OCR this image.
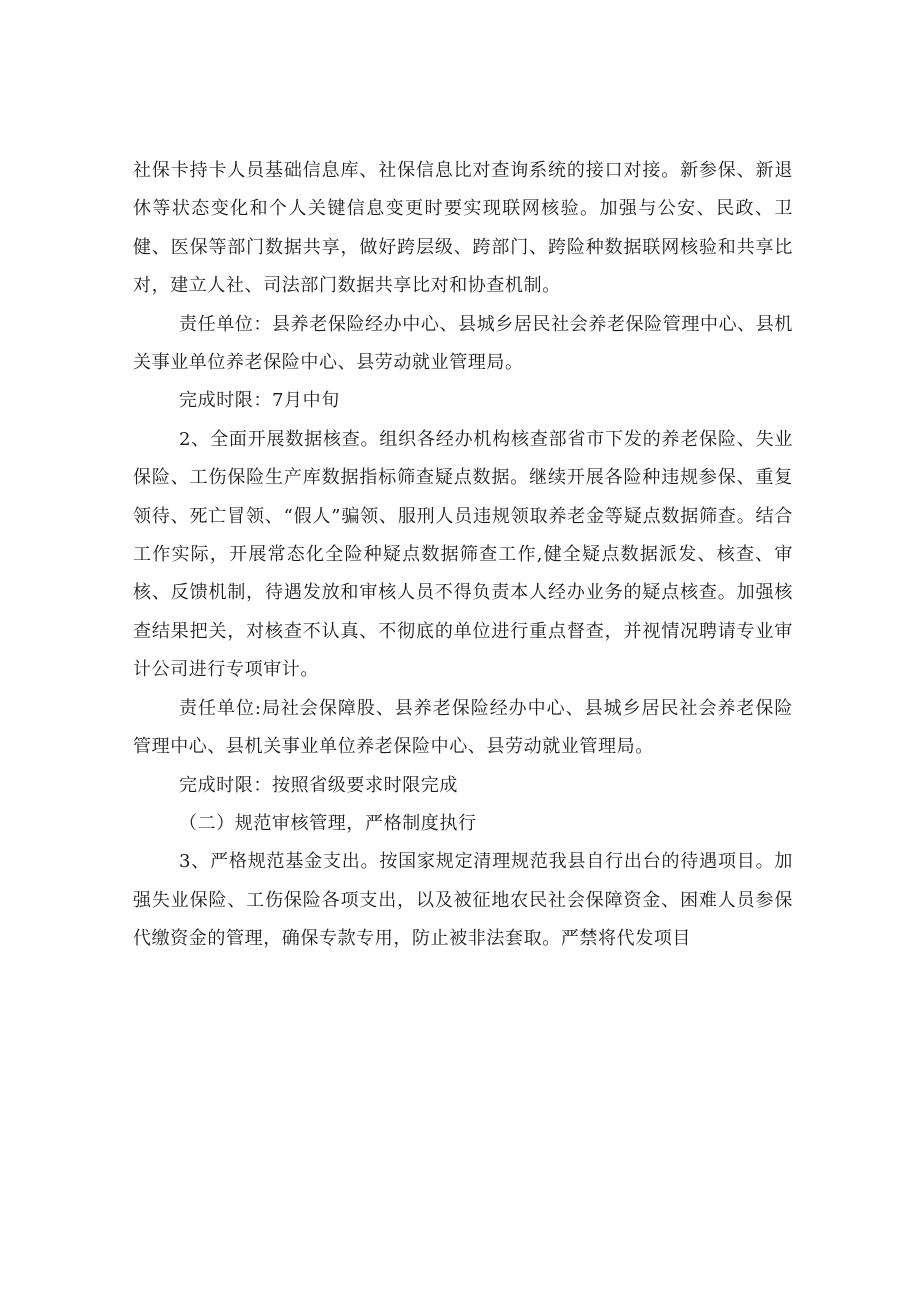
社保卡持卡人员基础信息库、社保信息比对查询系统的接口对接。新参保、新退休等状态变化和个人关键信息变更时要实现联网核验。加强与公安、民政、卫健、医保等部门数据共享，做好跨层级、跨部门、跨险种数据联网核验和共享比对，建立人社、司法部门数据共享比对和协查机制。

责任单位：县养老保险经办中心、县城乡居民社会养老保险管理中心、县机关事业单位养老保险中心、县劳动就业管理局。

完成时限：7月中旬

2、全面开展数据核查。组织各经办机构核查部省市下发的养老保险、失业保险、工伤保险生产库数据指标筛查疑点数据。继续开展各险种违规参保、重复领待、死亡冒领、“假人”骗领、服刑人员违规领取养老金等疑点数据筛查。结合工作实际，开展常态化全险种疑点数据筛查工作,健全疑点数据派发、核查、审核、反馈机制，待遇发放和审核人员不得负责本人经办业务的疑点核查。加强核查结果把关，对核查不认真、不彻底的单位进行重点督查，并视情况聘请专业审计公司进行专项审计。

责任单位:局社会保障股、县养老保险经办中心、县城乡居民社会养老保险管理中心、县机关事业单位养老保险中心、县劳动就业管理局。

完成时限：按照省级要求时限完成

（二）规范审核管理，严格制度执行

3、严格规范基金支出。按国家规定清理规范我县自行出台的待遇项目。加强失业保险、工伤保险各项支出，以及被征地农民社会保障资金、困难人员参保代缴资金的管理，确保专款专用，防止被非法套取。严禁将代发项目
